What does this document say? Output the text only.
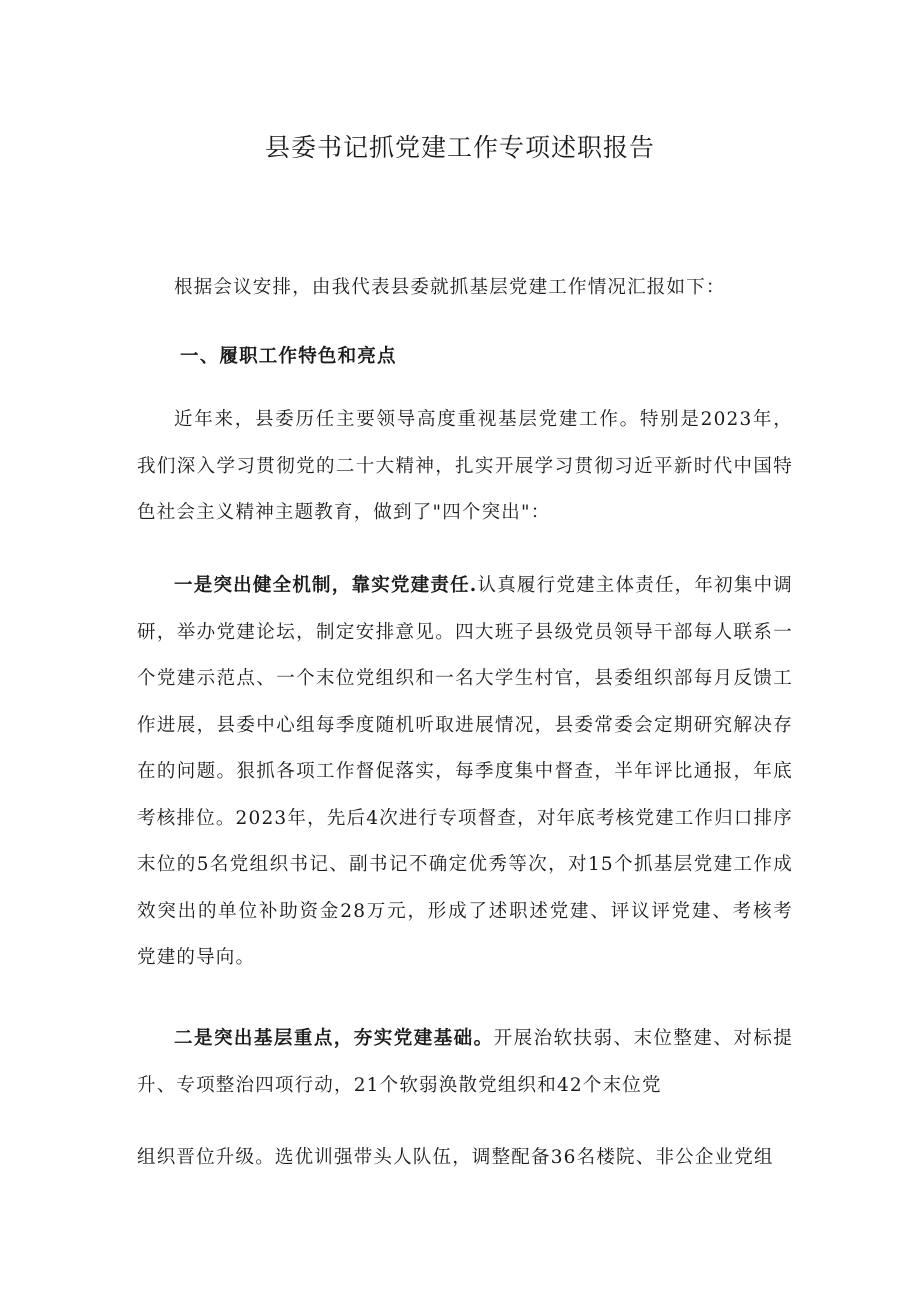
县委书记抓党建工作专项述职报告

根据会议安排，由我代表县委就抓基层党建工作情况汇报如下：

一、履职工作特色和亮点

近年来，县委历任主要领导高度重视基层党建工作。特别是2023年，我们深入学习贯彻党的二十大精神，扎实开展学习贯彻习近平新时代中国特色社会主义精神主题教育，做到了"四个突出"：

一是突出健全机制，靠实党建责任.认真履行党建主体责任，年初集中调研，举办党建论坛，制定安排意见。四大班子县级党员领导干部每人联系一个党建示范点、一个末位党组织和一名大学生村官，县委组织部每月反馈工作进展，县委中心组每季度随机听取进展情况，县委常委会定期研究解决存在的问题。狠抓各项工作督促落实，每季度集中督查，半年评比通报，年底考核排位。2023年，先后4次进行专项督查，对年底考核党建工作归口排序末位的5名党组织书记、副书记不确定优秀等次，对15个抓基层党建工作成效突出的单位补助资金28万元，形成了述职述党建、评议评党建、考核考党建的导向。

二是突出基层重点，夯实党建基础。开展治软扶弱、末位整建、对标提升、专项整治四项行动，21个软弱涣散党组织和42个末位党

组织晋位升级。选优训强带头人队伍，调整配备36名楼院、非公企业党组
